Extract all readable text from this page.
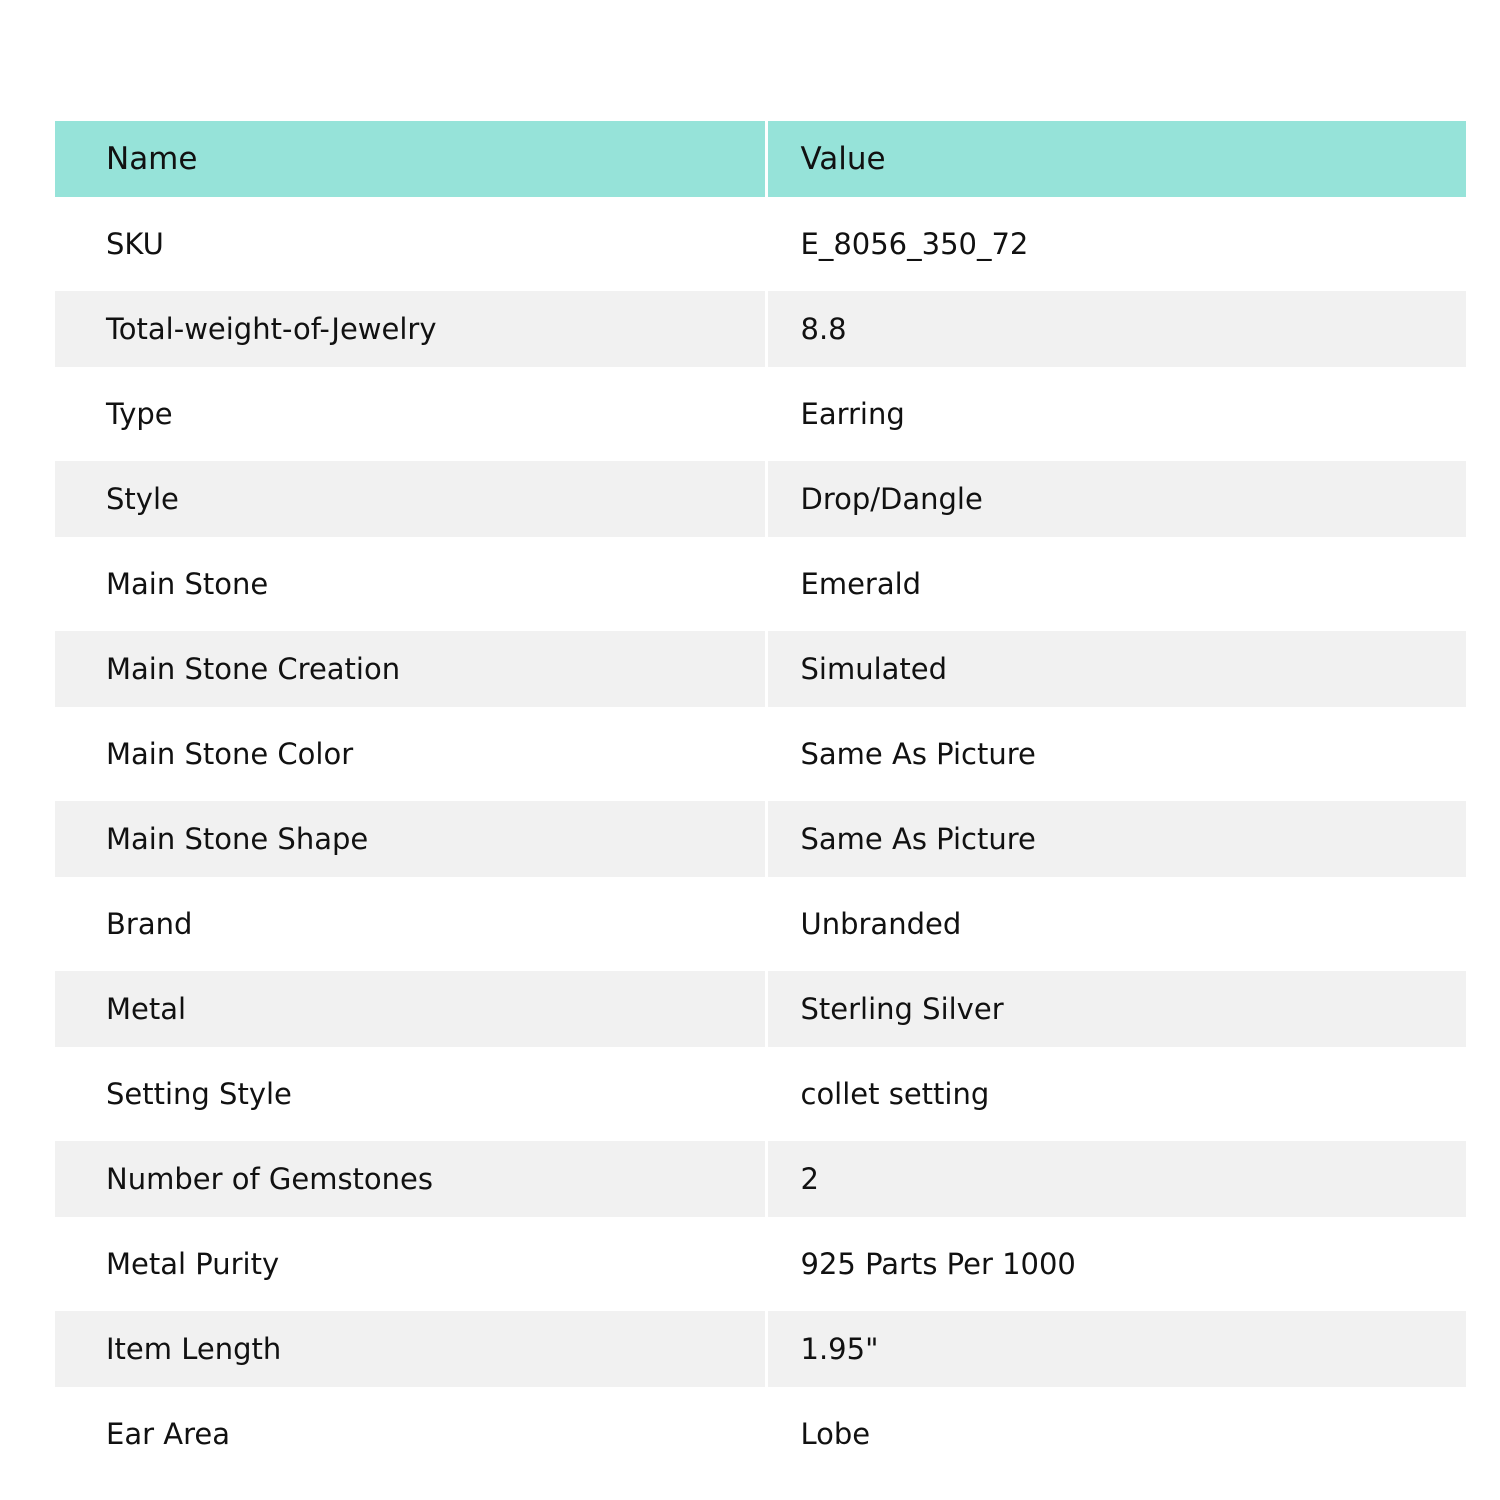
Name	Value
SKU	E_8056_350_72
Total-weight-of-Jewelry	8.8
Type	Earring
Style	Drop/Dangle
Main Stone	Emerald
Main Stone Creation	Simulated
Main Stone Color	Same As Picture
Main Stone Shape	Same As Picture
Brand	Unbranded
Metal	Sterling Silver
Setting Style	collet setting
Number of Gemstones	2
Metal Purity	925 Parts Per 1000
Item Length	1.95"
Ear Area	Lobe
